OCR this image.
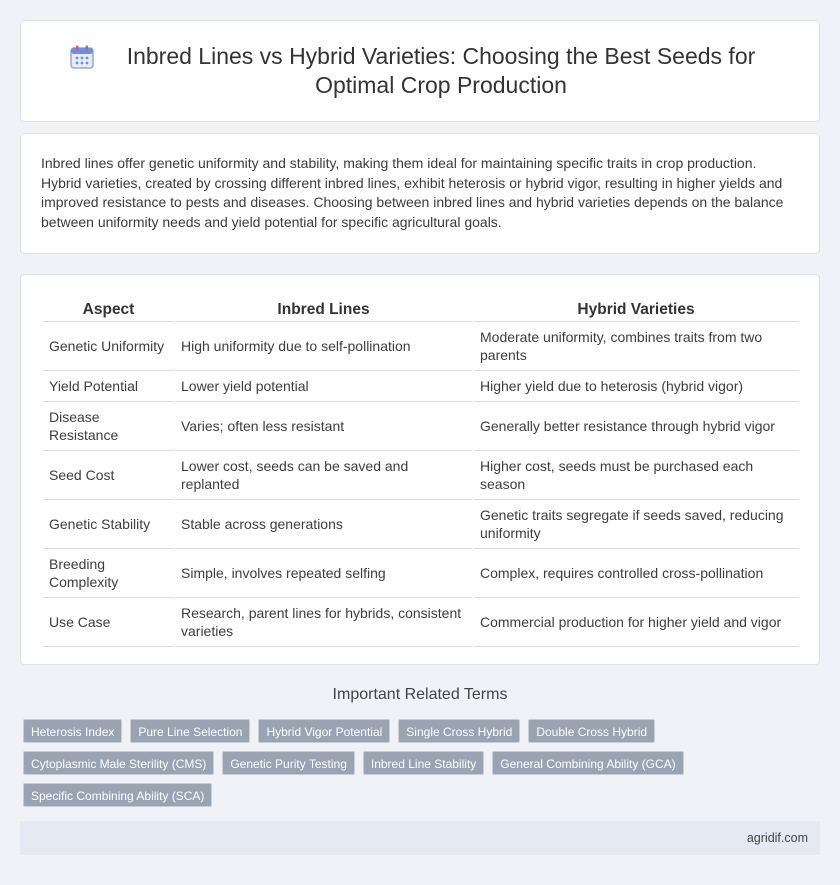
Inbred Lines vs Hybrid Varieties: Choosing the Best Seeds for Optimal Crop Production

Inbred lines offer genetic uniformity and stability, making them ideal for maintaining specific traits in crop production. Hybrid varieties, created by crossing different inbred lines, exhibit heterosis or hybrid vigor, resulting in higher yields and improved resistance to pests and diseases. Choosing between inbred lines and hybrid varieties depends on the balance between uniformity needs and yield potential for specific agricultural goals.

Aspect	Inbred Lines	Hybrid Varieties
Genetic Uniformity	High uniformity due to self-pollination	Moderate uniformity, combines traits from two parents
Yield Potential	Lower yield potential	Higher yield due to heterosis (hybrid vigor)
Disease Resistance	Varies; often less resistant	Generally better resistance through hybrid vigor
Seed Cost	Lower cost, seeds can be saved and replanted	Higher cost, seeds must be purchased each season
Genetic Stability	Stable across generations	Genetic traits segregate if seeds saved, reducing uniformity
Breeding Complexity	Simple, involves repeated selfing	Complex, requires controlled cross-pollination
Use Case	Research, parent lines for hybrids, consistent varieties	Commercial production for higher yield and vigor
Important Related Terms
Heterosis Index	Pure Line Selection	Hybrid Vigor Potential	Single Cross Hybrid	Double Cross Hybrid
Cytoplasmic Male Sterility (CMS)	Genetic Purity Testing	Inbred Line Stability	General Combining Ability (GCA)
Specific Combining Ability (SCA)
agridif.com
